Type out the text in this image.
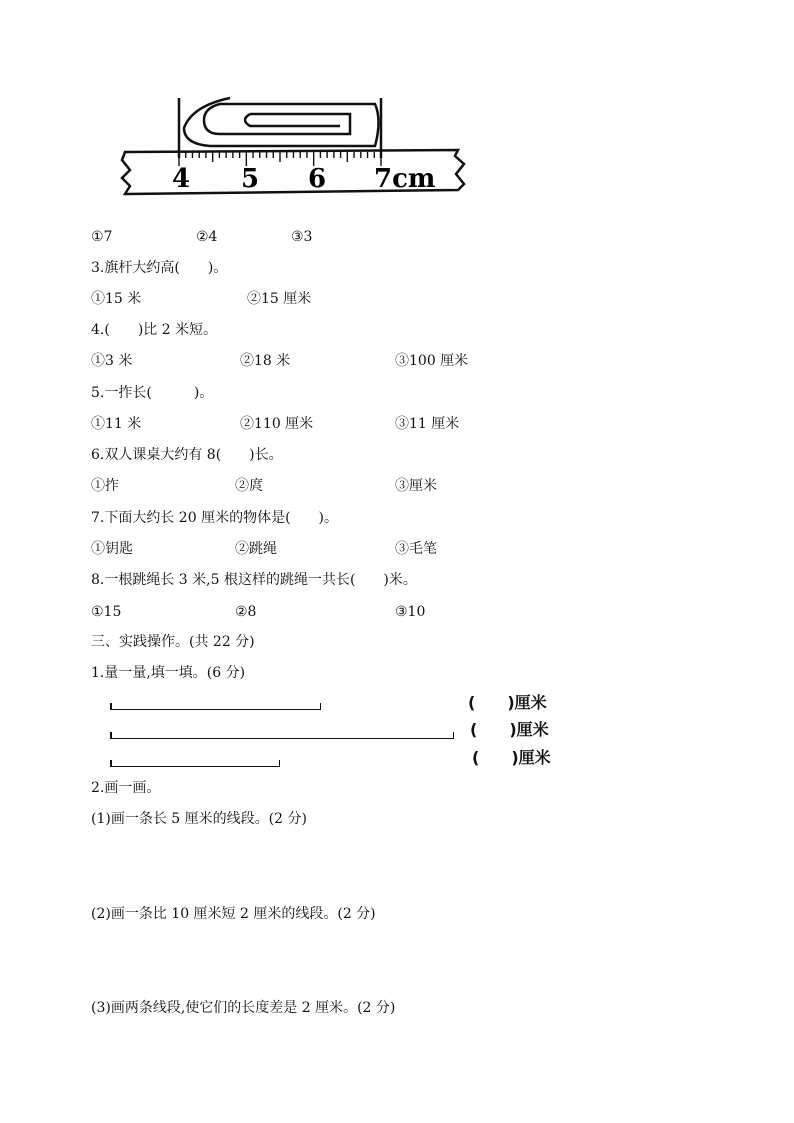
4 5 6 7cm
①7	②4	③3
3.旗杆大约高(　　)。
①15 米	②15 厘米
4.(　　)比 2 米短。
①3 米	②18 米	③100 厘米
5.一拃长(　　　)。
①11 米	②110 厘米	③11 厘米
6.双人课桌大约有 8(　　)长。
①拃	②庹	③厘米
7.下面大约长 20 厘米的物体是(　　)。
①钥匙	②跳绳	③毛笔
8.一根跳绳长 3 米,5 根这样的跳绳一共长(　　)米。
①15	②8	③10
三、实践操作。(共 22 分)
1.量一量,填一填。(6 分)
(　　)厘米
(　　)厘米
(　　)厘米
2.画一画。
(1)画一条长 5 厘米的线段。(2 分)
(2)画一条比 10 厘米短 2 厘米的线段。(2 分)
(3)画两条线段,使它们的长度差是 2 厘米。(2 分)
